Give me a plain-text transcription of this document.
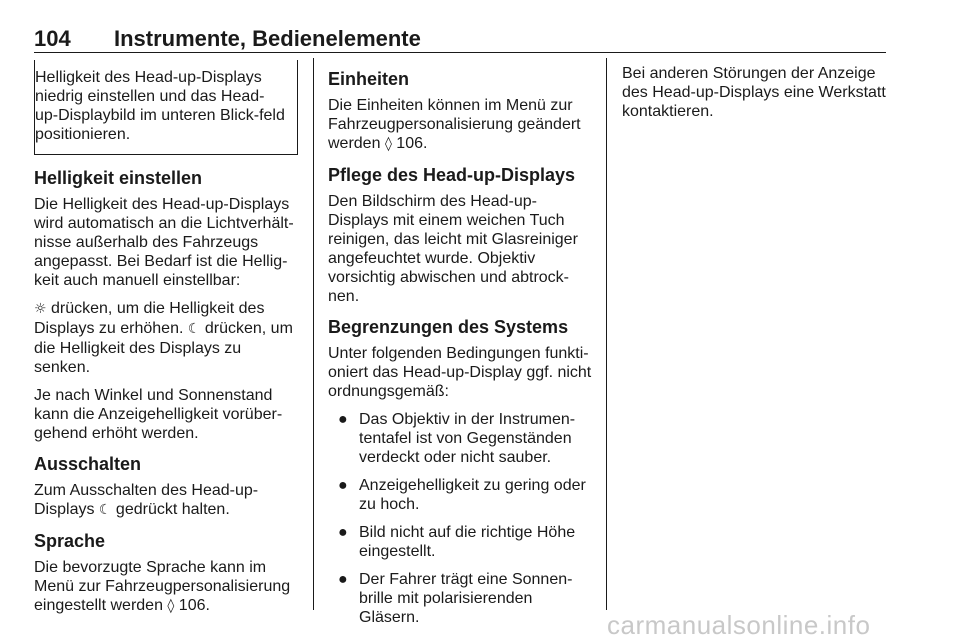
104 Instrumente, Bedienelemente

Helligkeit des Head-up-Displays niedrig einstellen und das Head-up-Displaybild im unteren Blick-feld positionieren.

Helligkeit einstellen

Die Helligkeit des Head-up-Displays wird automatisch an die Lichtverhält-nisse außerhalb des Fahrzeugs angepasst. Bei Bedarf ist die Hellig-keit auch manuell einstellbar:

☼ drücken, um die Helligkeit des Displays zu erhöhen. ☾ drücken, um die Helligkeit des Displays zu senken.

Je nach Winkel und Sonnenstand kann die Anzeigehelligkeit vorüber-gehend erhöht werden.

Ausschalten

Zum Ausschalten des Head-up-Displays ☾ gedrückt halten.

Sprache

Die bevorzugte Sprache kann im Menü zur Fahrzeugpersonalisierung eingestellt werden ◊ 106.

Einheiten

Die Einheiten können im Menü zur Fahrzeugpersonalisierung geändert werden ◊ 106.

Pflege des Head-up-Displays

Den Bildschirm des Head-up-Displays mit einem weichen Tuch reinigen, das leicht mit Glasreiniger angefeuchtet wurde. Objektiv vorsichtig abwischen und abtrock-nen.

Begrenzungen des Systems

Unter folgenden Bedingungen funkti-oniert das Head-up-Display ggf. nicht ordnungsgemäß:

● Das Objektiv in der Instrumen-tentafel ist von Gegenständen verdeckt oder nicht sauber.
● Anzeigehelligkeit zu gering oder zu hoch.
● Bild nicht auf die richtige Höhe eingestellt.
● Der Fahrer trägt eine Sonnen-brille mit polarisierenden Gläsern.

Bei anderen Störungen der Anzeige des Head-up-Displays eine Werkstatt kontaktieren.

carmanualsonline.info
